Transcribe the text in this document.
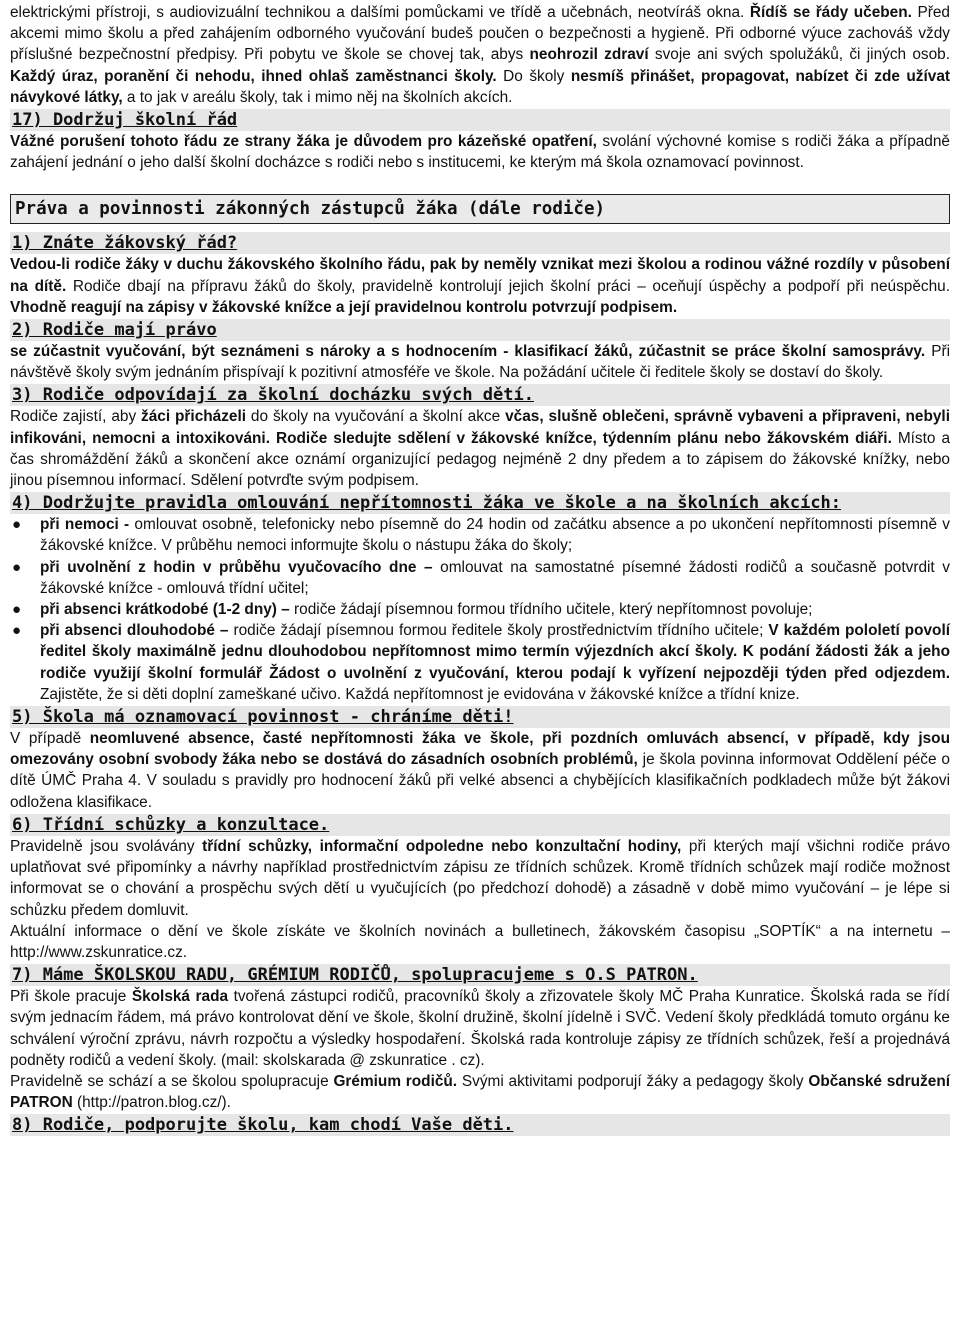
elektrickými přístroji, s audiovizuální technikou a dalšími pomůckami ve třídě a učebnách, neotvíráš okna. Řídíš se řády učeben. Před akcemi mimo školu a před zahájením odborného vyučování budeš poučen o bezpečnosti a hygieně. Při odborné výuce zachováš vždy příslušné bezpečnostní předpisy. Při pobytu ve škole se chovej tak, abys neohrozil zdraví svoje ani svých spolužáků, či jiných osob. Každý úraz, poranění či nehodu, ihned ohlaš zaměstnanci školy. Do školy nesmíš přinášet, propagovat, nabízet či zde užívat návykové látky, a to jak v areálu školy, tak i mimo něj na školních akcích.

17) Dodržuj školní řád

Vážné porušení tohoto řádu ze strany žáka je důvodem pro kázeňské opatření, svolání výchovné komise s rodiči žáka a případně zahájení jednání o jeho další školní docházce s rodiči nebo s institucemi, ke kterým má škola oznamovací povinnost.

Práva a povinnosti zákonných zástupců žáka (dále rodiče)
1) Znáte žákovský řád?

Vedou-li rodiče žáky v duchu žákovského školního řádu, pak by neměly vznikat mezi školou a rodinou vážné rozdíly v působení na dítě. Rodiče dbají na přípravu žáků do školy, pravidelně kontrolují jejich školní práci – oceňují úspěchy a podpoří při neúspěchu. Vhodně reagují na zápisy v žákovské knížce a její pravidelnou kontrolu potvrzují podpisem.

2) Rodiče mají právo

se zúčastnit vyučování, být seznámeni s nároky a s hodnocením - klasifikací žáků, zúčastnit se práce školní samosprávy. Při návštěvě školy svým jednáním přispívají k pozitivní atmosféře ve škole. Na požádání učitele či ředitele školy se dostaví do školy.

3) Rodiče odpovídají za školní docházku svých dětí.

Rodiče zajistí, aby žáci přicházeli do školy na vyučování a školní akce včas, slušně oblečeni, správně vybaveni a připraveni, nebyli infikováni, nemocni a intoxikováni. Rodiče sledujte sdělení v žákovské knížce, týdenním plánu nebo žákovském diáři. Místo a čas shromáždění žáků a skončení akce oznámí organizující pedagog nejméně 2 dny předem a to zápisem do žákovské knížky, nebo jinou písemnou informací. Sdělení potvrďte svým podpisem.

4) Dodržujte pravidla omlouvání nepřítomnosti žáka ve škole a na školních akcích:

● při nemoci - omlouvat osobně, telefonicky nebo písemně do 24 hodin od začátku absence a po ukončení nepřítomnosti písemně v žákovské knížce. V průběhu nemoci informujte školu o nástupu žáka do školy;

● při uvolnění z hodin v průběhu vyučovacího dne – omlouvat na samostatné písemné žádosti rodičů a současně potvrdit v žákovské knížce - omlouvá třídní učitel;

● při absenci krátkodobé (1-2 dny) – rodiče žádají písemnou formou třídního učitele, který nepřítomnost povoluje;

● při absenci dlouhodobé – rodiče žádají písemnou formou ředitele školy prostřednictvím třídního učitele; V každém pololetí povolí ředitel školy maximálně jednu dlouhodobou nepřítomnost mimo termín výjezdních akcí školy. K podání žádosti žák a jeho rodiče využijí školní formulář Žádost o uvolnění z vyučování, kterou podají k vyřízení nejpozději týden před odjezdem. Zajistěte, že si děti doplní zameškané učivo. Každá nepřítomnost je evidována v žákovské knížce a třídní knize.

5) Škola má oznamovací povinnost - chráníme děti!

V případě neomluvené absence, časté nepřítomnosti žáka ve škole, při pozdních omluvách absencí, v případě, kdy jsou omezovány osobní svobody žáka nebo se dostává do zásadních osobních problémů, je škola povinna informovat Oddělení péče o dítě ÚMČ Praha 4. V souladu s pravidly pro hodnocení žáků při velké absenci a chybějících klasifikačních podkladech může být žákovi odložena klasifikace.

6) Třídní schůzky a konzultace.

Pravidelně jsou svolávány třídní schůzky, informační odpoledne nebo konzultační hodiny, při kterých mají všichni rodiče právo uplatňovat své připomínky a návrhy například prostřednictvím zápisu ze třídních schůzek. Kromě třídních schůzek mají rodiče možnost informovat se o chování a prospěchu svých dětí u vyučujících (po předchozí dohodě) a zásadně v době mimo vyučování – je lépe si schůzku předem domluvit.

Aktuální informace o dění ve škole získáte ve školních novinách a bulletinech, žákovském časopisu „SOPTÍK“ a na internetu – http://www.zskunratice.cz.

7) Máme ŠKOLSKOU RADU, GRÉMIUM RODIČŮ, spolupracujeme s O.S PATRON.

Při škole pracuje Školská rada tvořená zástupci rodičů, pracovníků školy a zřizovatele školy MČ Praha Kunratice. Školská rada se řídí svým jednacím řádem, má právo kontrolovat dění ve škole, školní družině, školní jídelně i SVČ. Vedení školy předkládá tomuto orgánu ke schválení výroční zprávu, návrh rozpočtu a výsledky hospodaření. Školská rada kontroluje zápisy ze třídních schůzek, řeší a projednává podněty rodičů a vedení školy. (mail: skolskarada @ zskunratice . cz).

Pravidelně se schází a se školou spolupracuje Grémium rodičů. Svými aktivitami podporují žáky a pedagogy školy Občanské sdružení PATRON (http://patron.blog.cz/).

8) Rodiče, podporujte školu, kam chodí Vaše děti.
